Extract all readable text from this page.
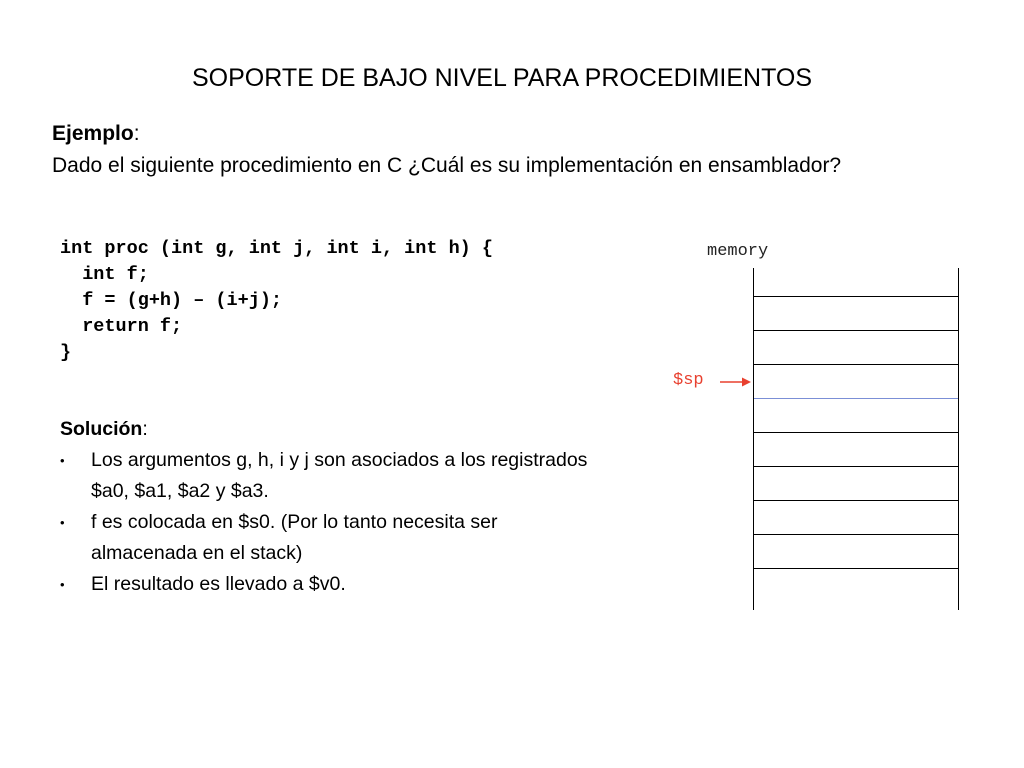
SOPORTE DE BAJO NIVEL PARA PROCEDIMIENTOS
Ejemplo:
Dado el siguiente procedimiento en C ¿Cuál es su implementación en ensamblador?
int proc (int g, int j, int i, int h) {
int f;
f = (g+h) – (i+j);
return f;
}
Solución:
• Los argumentos g, h, i y j son asociados a los registrados $a0, $a1, $a2 y $a3.
• f es colocada en $s0. (Por lo tanto necesita ser almacenada en el stack)
• El resultado es llevado a $v0.
memory
$sp
